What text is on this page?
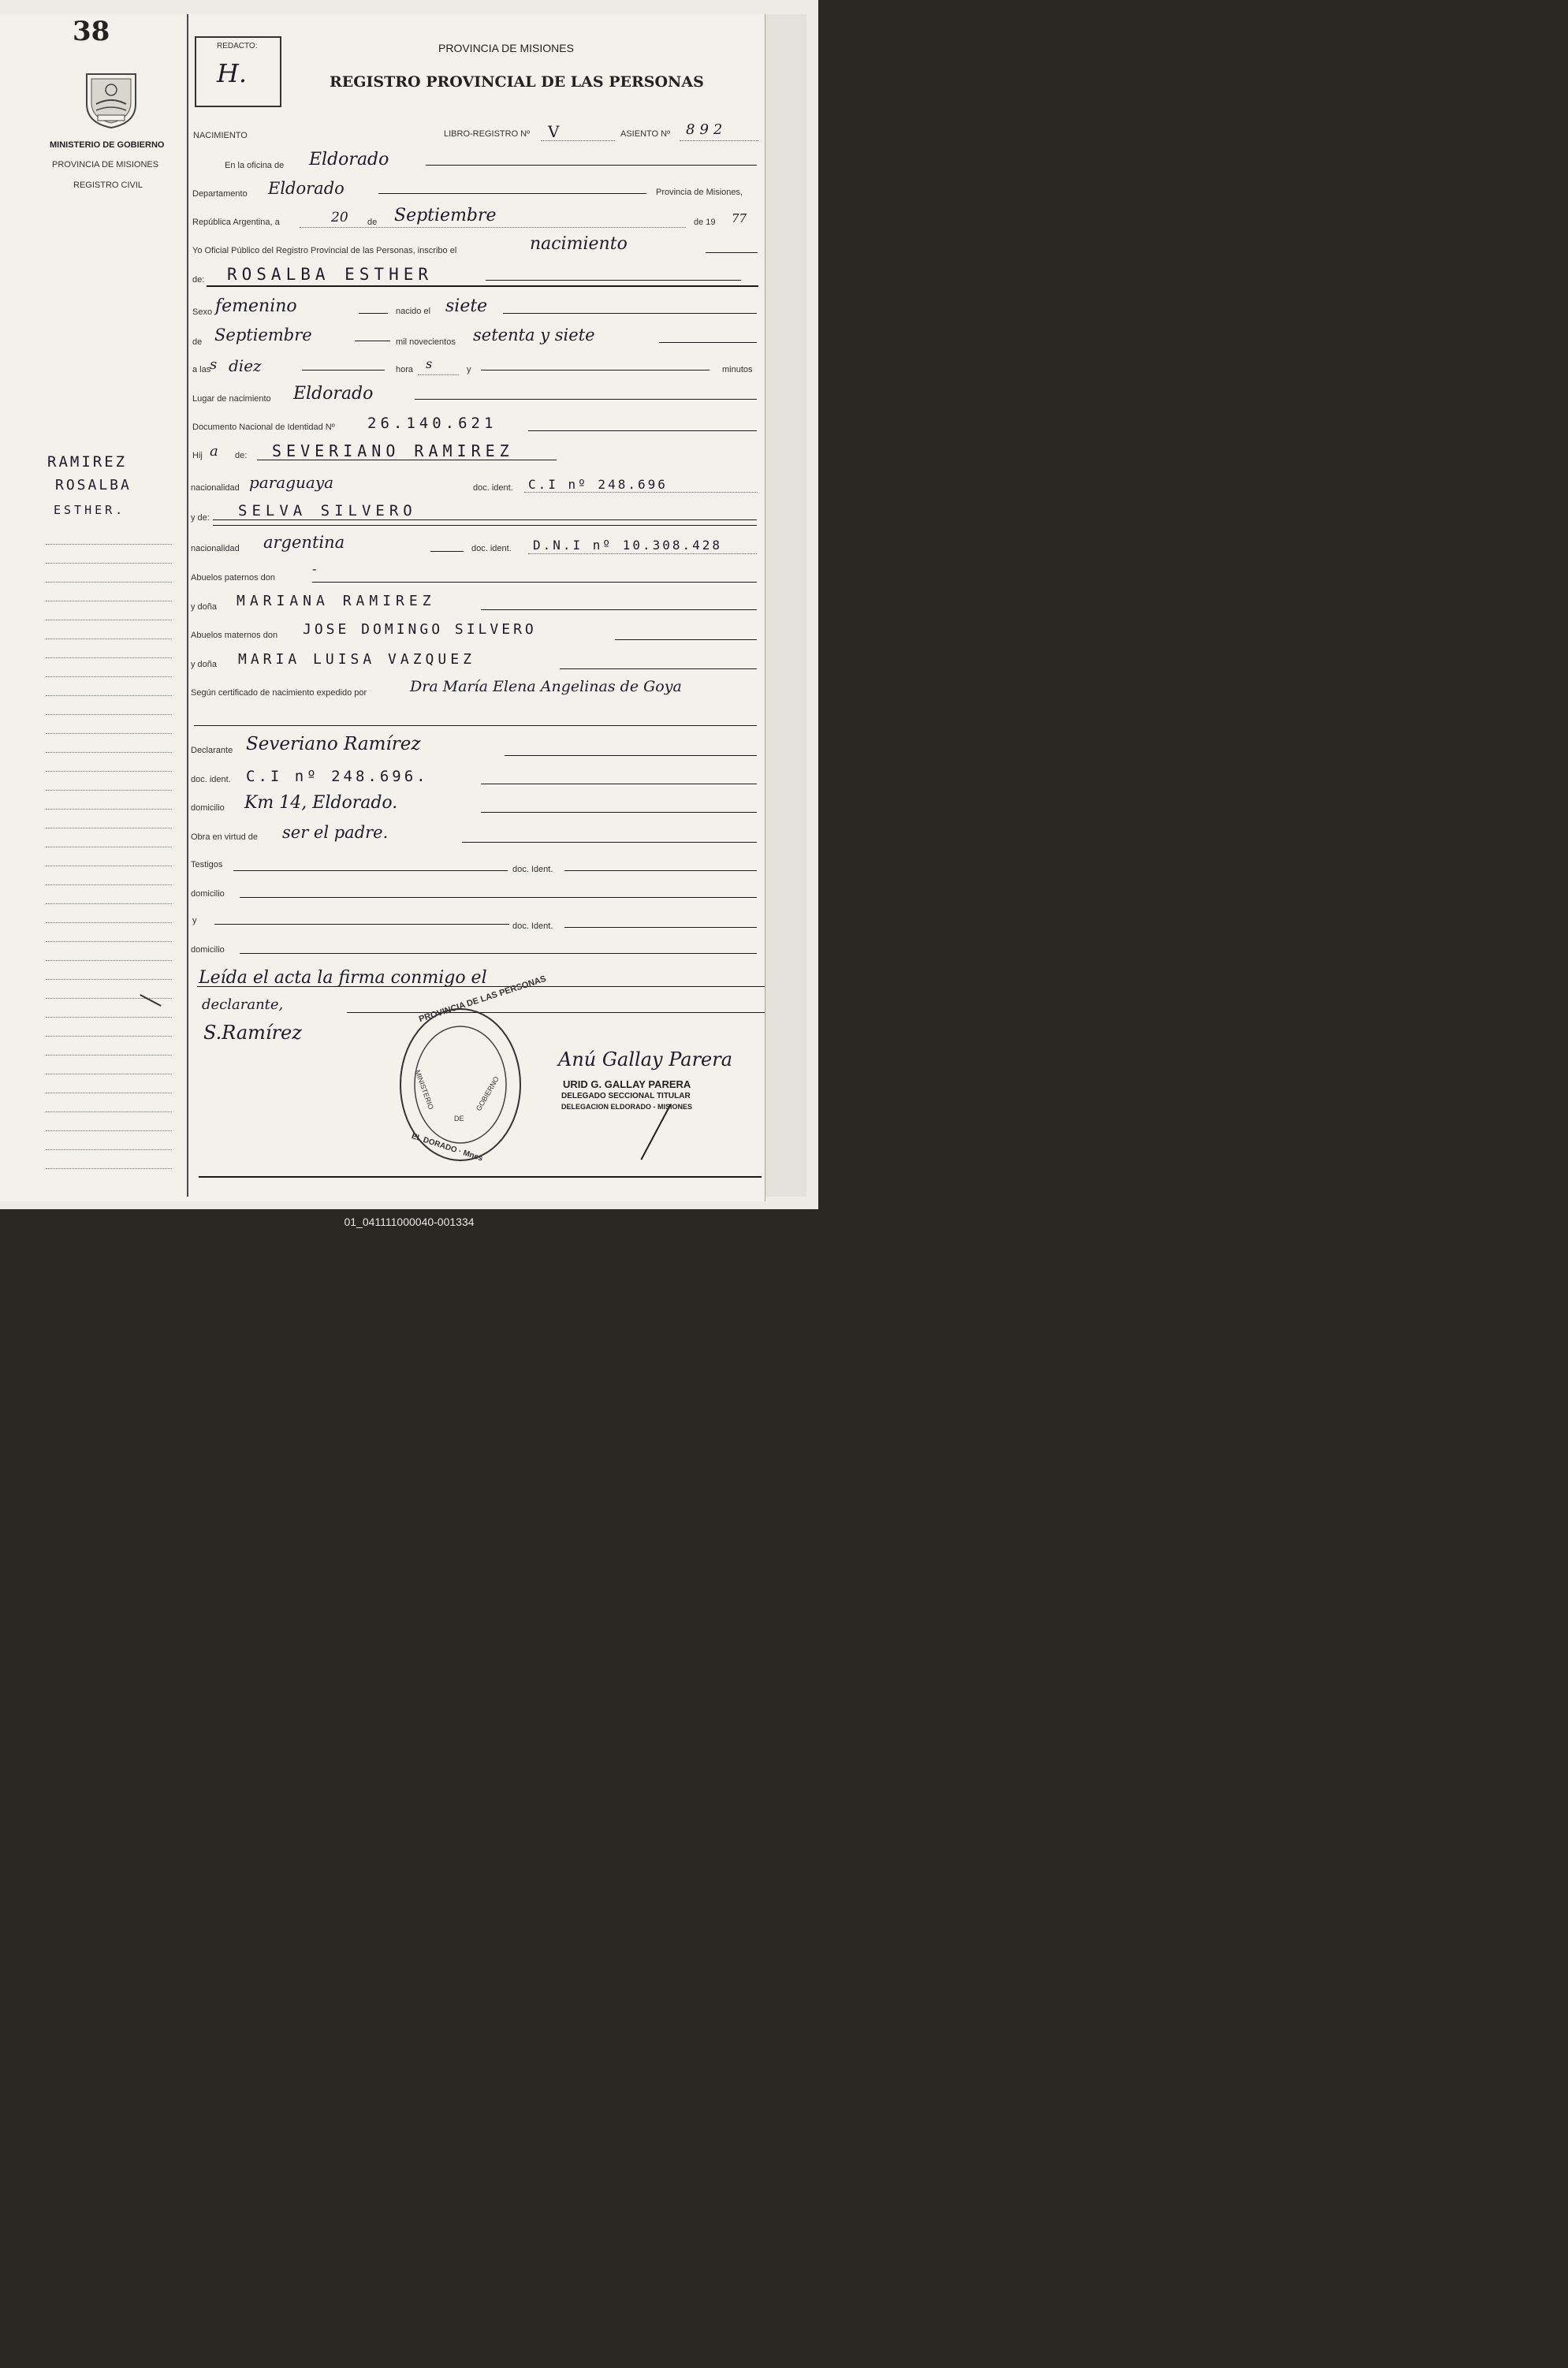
38
MINISTERIO DE GOBIERNO
PROVINCIA DE MISIONES
REGISTRO CIVIL
RAMIREZ
ROSALBA
ESTHER.
REDACTO:
H.
PROVINCIA DE MISIONES
REGISTRO PROVINCIAL DE LAS PERSONAS
NACIMIENTO	LIBRO-REGISTRO Nº V	ASIENTO Nº 892
En la oficina de Eldorado
Departamento Eldorado	Provincia de Misiones,
República Argentina, a	20 de Septiembre	de 19 77
Yo Oficial Público del Registro Provincial de las Personas, inscribo el	nacimiento
de: ROSALBA ESTHER
Sexo femenino	nacido el siete
de Septiembre	mil novecientos setenta y siete
a las
s diez	hora s	y	minutos
Lugar de nacimiento Eldorado
Documento Nacional de Identidad Nº 26.140.621
Hij a de: SEVERIANO RAMIREZ
nacionalidad paraguaya	doc. ident. C.I nº 248.696
y de: SELVA SILVERO
nacionalidad argentina	doc. ident. D.N.I nº 10.308.428
Abuelos paternos don
-
y doña MARIANA RAMIREZ
Abuelos maternos don JOSE DOMINGO SILVERO
y doña MARIA LUISA VAZQUEZ
Según certificado de nacimiento expedido por	Dra María Elena Angelinas de Goya
Declarante Severiano Ramírez
doc. ident. C.I nº 248.696.
domicilio Km 14, Eldorado.
Obra en virtud de ser el padre.
Testigos	doc. Ident.
domicilio
y
doc. Ident.
domicilio
Leída el acta la firma conmigo el
declarante,
S.Ramírez
PROVINCIA DE LAS PERSONAS
MINISTERIO
DE
GOBIERNO
EL DORADO · Mnes
Anú Gallay Parera
URID G. GALLAY PARERA
DELEGADO SECCIONAL TITULAR
DELEGACION ELDORADO - MISIONES
01_041111000040-001334
